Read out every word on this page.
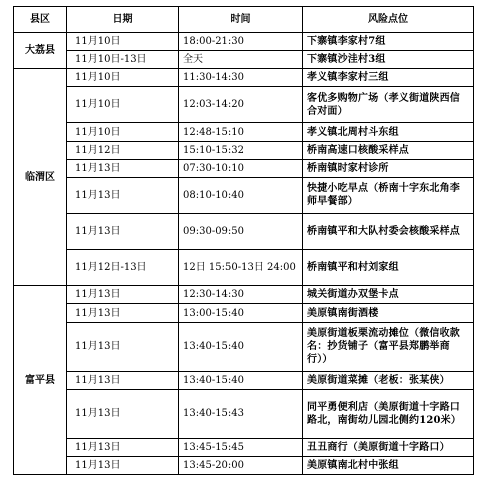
县区	日期	时间	风险点位
大荔县	11月10日	18:00-21:30	下寨镇李家村7组
	11月10日-13日	全天	下寨镇沙洼村3组
临渭区	11月10日	11:30-14:30	孝义镇李家村三组
	11月10日	12:03-14:20	客优多购物广场（孝义街道陕西信合对面）
	11月10日	12:48-15:10	孝义镇北周村斗东组
	11月12日	15:10-15:32	桥南高速口核酸采样点
	11月13日	07:30-10:10	桥南镇时家村诊所
	11月13日	08:10-10:40	快捷小吃早点（桥南十字东北角李师早餐部）
	11月13日	09:30-09:50	桥南镇平和大队村委会核酸采样点
	11月12日-13日	12日 15:50-13日 24:00	桥南镇平和村刘家组
富平县	11月13日	12:30-14:30	城关街道办双堡卡点
	11月13日	13:00-15:40	美原镇南街酒楼
	11月13日	13:40-15:40	美原街道板栗流动摊位（微信收款名：抄货铺子（富平县郑鹏举商行））
	11月13日	13:40-15:40	美原街道菜摊（老板：张某侠）
	11月13日	13:40-15:43	同平勇便利店（美原街道十字路口路北，南街幼儿园北侧约120米）
	11月13日	13:45-15:45	丑丑商行（美原街道十字路口）
	11月13日	13:45-20:00	美原镇南北村中张组
